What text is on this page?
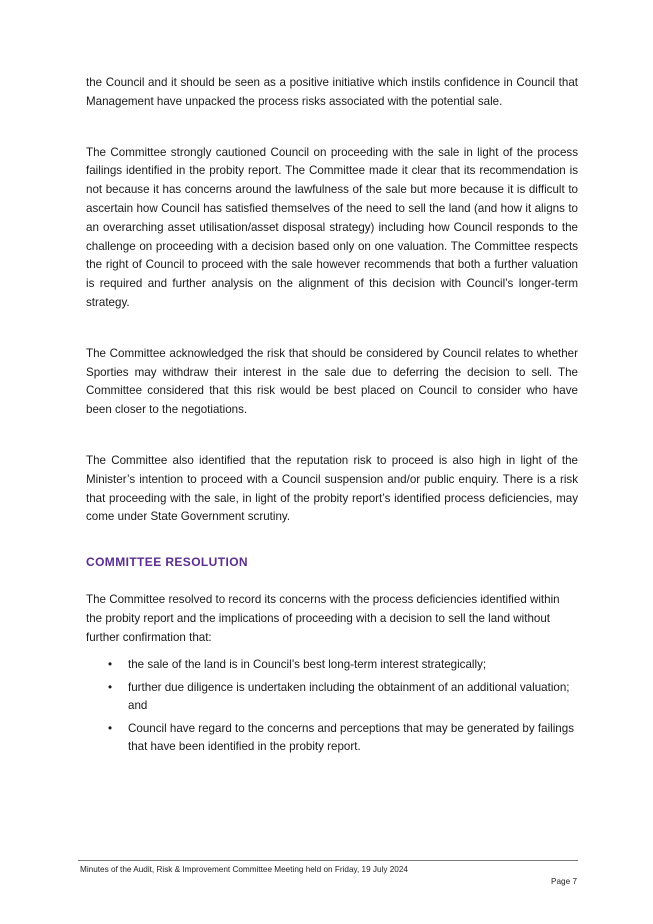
the Council and it should be seen as a positive initiative which instils confidence in Council that Management have unpacked the process risks associated with the potential sale.

The Committee strongly cautioned Council on proceeding with the sale in light of the process failings identified in the probity report. The Committee made it clear that its recommendation is not because it has concerns around the lawfulness of the sale but more because it is difficult to ascertain how Council has satisfied themselves of the need to sell the land (and how it aligns to an overarching asset utilisation/asset disposal strategy) including how Council responds to the challenge on proceeding with a decision based only on one valuation. The Committee respects the right of Council to proceed with the sale however recommends that both a further valuation is required and further analysis on the alignment of this decision with Council’s longer-term strategy.

The Committee acknowledged the risk that should be considered by Council relates to whether Sporties may withdraw their interest in the sale due to deferring the decision to sell. The Committee considered that this risk would be best placed on Council to consider who have been closer to the negotiations.

The Committee also identified that the reputation risk to proceed is also high in light of the Minister’s intention to proceed with a Council suspension and/or public enquiry. There is a risk that proceeding with the sale, in light of the probity report’s identified process deficiencies, may come under State Government scrutiny.

COMMITTEE RESOLUTION

The Committee resolved to record its concerns with the process deficiencies identified within the probity report and the implications of proceeding with a decision to sell the land without further confirmation that:

• the sale of the land is in Council’s best long-term interest strategically;
• further due diligence is undertaken including the obtainment of an additional valuation; and
• Council have regard to the concerns and perceptions that may be generated by failings that have been identified in the probity report.
Minutes of the Audit, Risk & Improvement Committee Meeting held on Friday, 19 July 2024
Page 7
